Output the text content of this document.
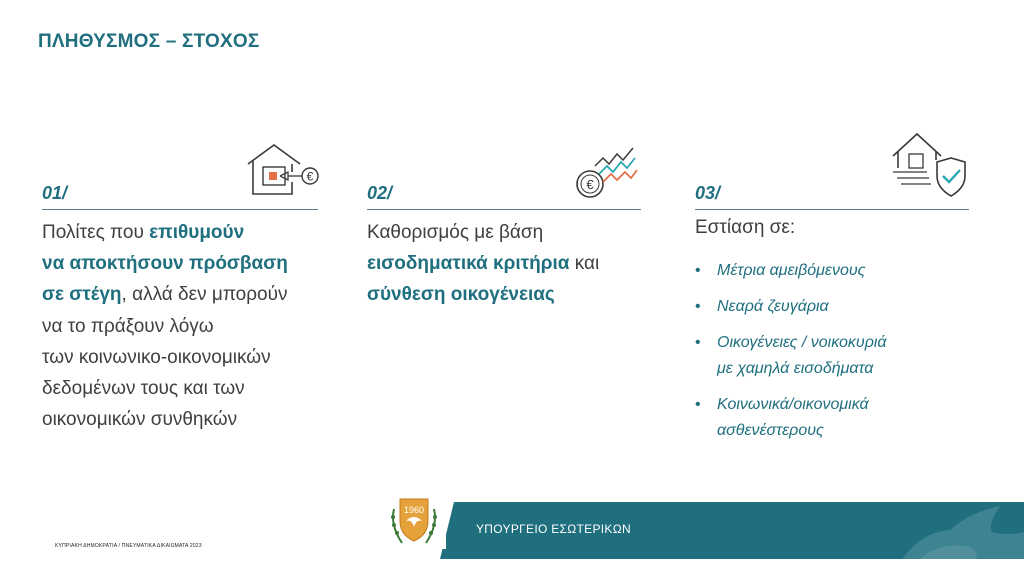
ΠΛΗΘΥΣΜΟΣ – ΣΤΟΧΟΣ
€
01/
Πολίτες που επιθυμούν
να αποκτήσουν πρόσβαση
σε στέγη, αλλά δεν μπορούν
να το πράξουν λόγω
των κοινωνικο-οικονομικών
δεδομένων τους και των
οικονομικών συνθηκών
€
02/
Καθορισμός με βάση
εισοδηματικά κριτήρια και
σύνθεση οικογένειας
03/
Εστίαση σε:
• Μέτρια αμειβόμενους
• Νεαρά ζευγάρια
• Οικογένειες / νοικοκυριά
με χαμηλά εισοδήματα
• Κοινωνικά/οικονομικά
ασθενέστερους
ΚΥΠΡΙΑΚΗ ΔΗΜΟΚΡΑΤΙΑ / ΠΝΕΥΜΑΤΙΚΑ ΔΙΚΑΙΩΜΑΤΑ 2023
ΥΠΟΥΡΓΕΙΟ ΕΣΩΤΕΡΙΚΩΝ
1960
